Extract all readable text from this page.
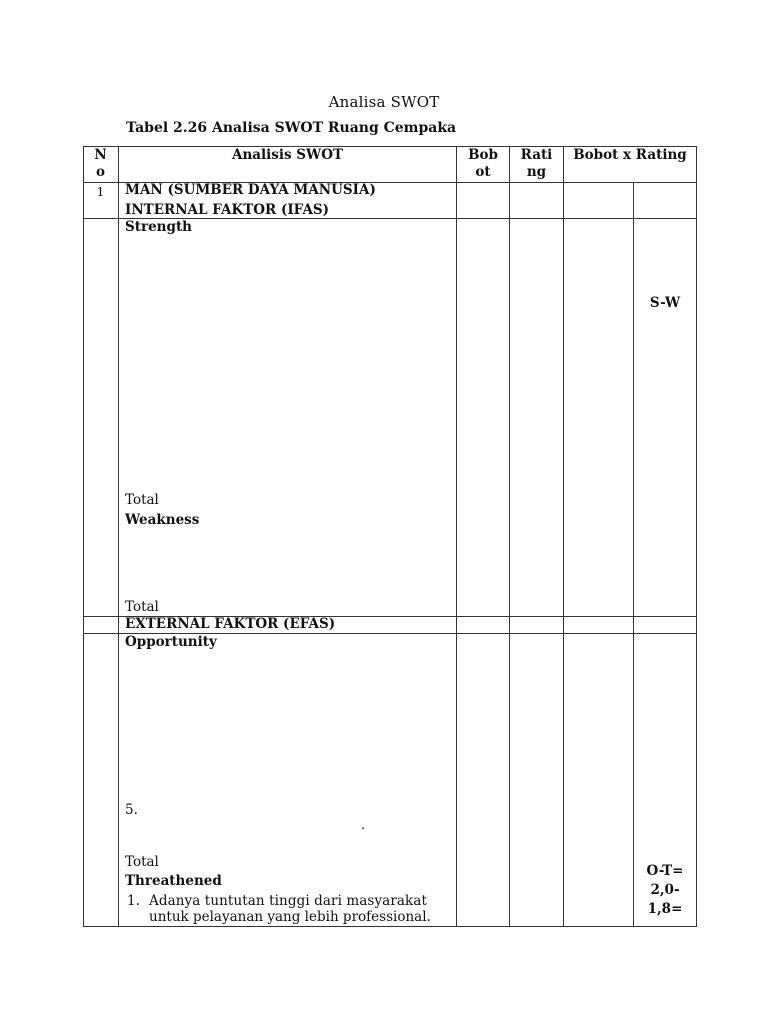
Analisa SWOT
Tabel 2.26 Analisa SWOT Ruang Cempaka
N
o
Analisis SWOT	Bob
ot
Rati
ng
Bobot x Rating
1	MAN (SUMBER DAYA MANUSIA)
INTERNAL FAKTOR (IFAS)
Strength
S-W
Total
Weakness
Total
EXTERNAL FAKTOR (EFAS)
Opportunity
5.
.
Total
Threathened
1. Adanya tuntutan tinggi dari masyarakat
untuk pelayanan yang lebih professional.
O-T=
2,0-
1,8=
